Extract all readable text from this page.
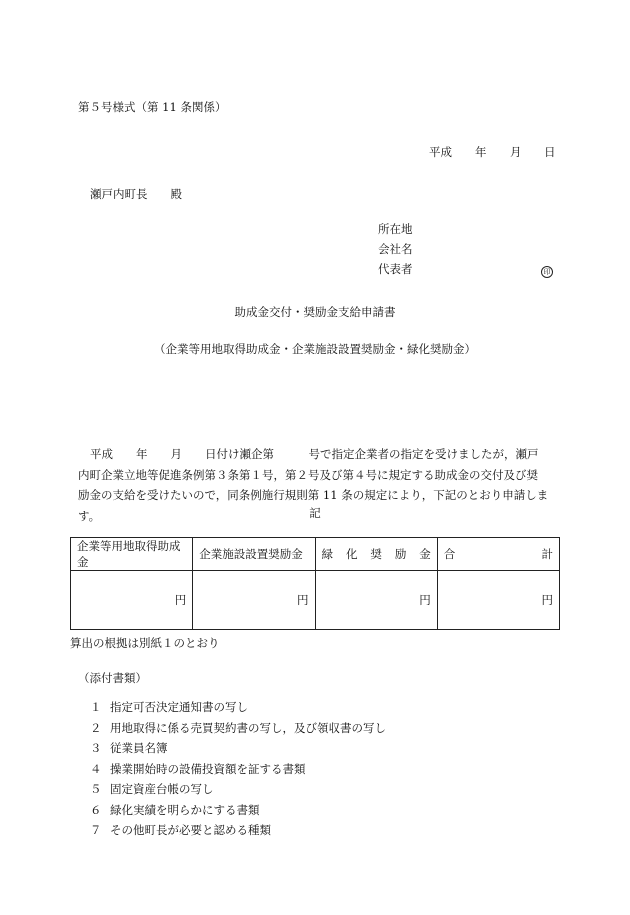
第５号様式（第 11 条関係）
平成 年 月 日
瀬戸内町長　　殿
所在地
会社名
代表者	印
助成金交付・奨励金支給申請書
（企業等用地取得助成金・企業施設設置奨励金・緑化奨励金）

平成　　年　　月　　日付け瀬企第　　　号で指定企業者の指定を受けましたが，瀬戸

内町企業立地等促進条例第３条第１号，第２号及び第４号に規定する助成金の交付及び奨

励金の支給を受けたいので，同条例施行規則第 11 条の規定により，下記のとおり申請しま

す。	記
企業等用地取得助成金	企業施設設置奨励金	緑 化 奨 励 金	合 計

円	円	円	円
算出の根拠は別紙１のとおり
（添付書類）
１ 指定可否決定通知書の写し
２ 用地取得に係る売買契約書の写し，及び領収書の写し
３ 従業員名簿
４ 操業開始時の設備投資額を証する書類
５ 固定資産台帳の写し
６ 緑化実績を明らかにする書類
７ その他町長が必要と認める種類
